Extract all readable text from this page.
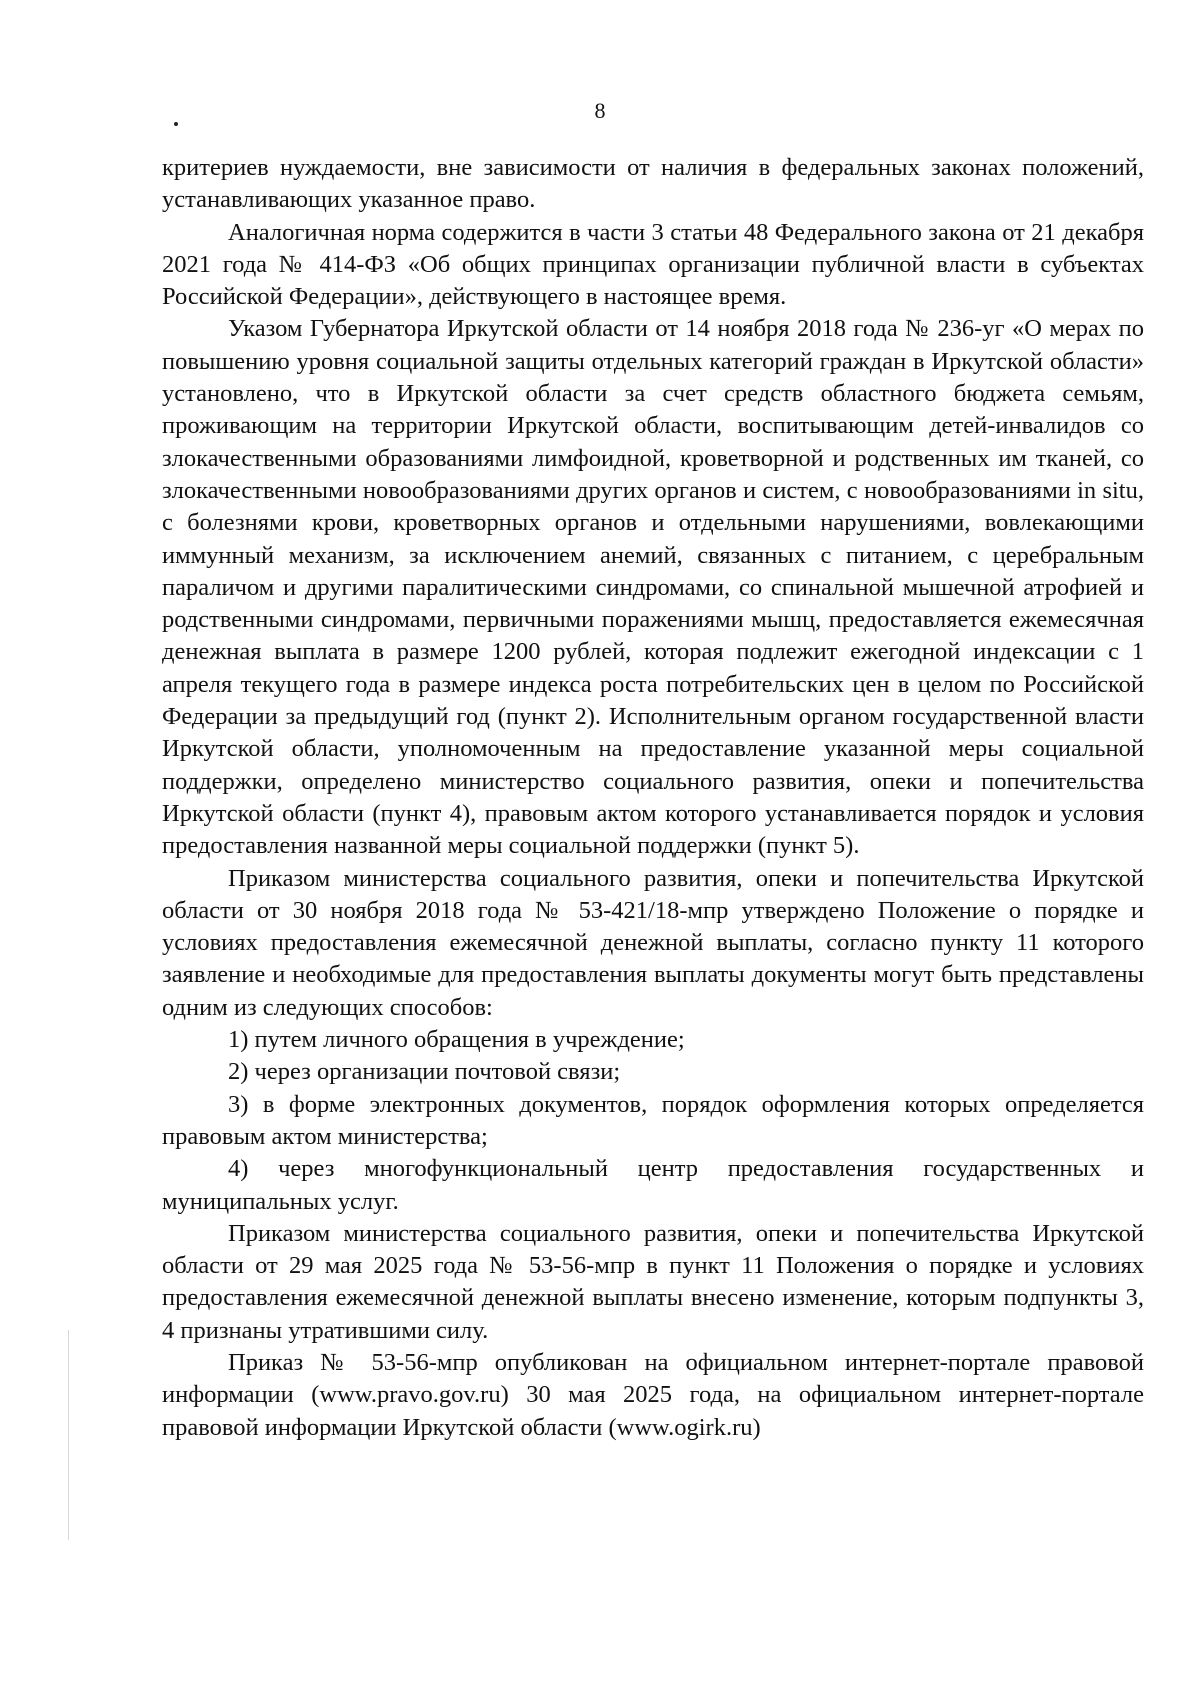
8

критериев нуждаемости, вне зависимости от наличия в федеральных законах положений, устанавливающих указанное право.

Аналогичная норма содержится в части 3 статьи 48 Федерального закона от 21 декабря 2021 года № 414-ФЗ «Об общих принципах организации публичной власти в субъектах Российской Федерации», действующего в настоящее время.

Указом Губернатора Иркутской области от 14 ноября 2018 года № 236-уг «О мерах по повышению уровня социальной защиты отдельных категорий граждан в Иркутской области» установлено, что в Иркутской области за счет средств областного бюджета семьям, проживающим на территории Иркутской области, воспитывающим детей-инвалидов со злокачественными образованиями лимфоидной, кроветворной и родственных им тканей, со злокачественными новообразованиями других органов и систем, с новообразованиями in situ, с болезнями крови, кроветворных органов и отдельными нарушениями, вовлекающими иммунный механизм, за исключением анемий, связанных с питанием, с церебральным параличом и другими паралитическими синдромами, со спинальной мышечной атрофией и родственными синдромами, первичными поражениями мышц, предоставляется ежемесячная денежная выплата в размере 1200 рублей, которая подлежит ежегодной индексации с 1 апреля текущего года в размере индекса роста потребительских цен в целом по Российской Федерации за предыдущий год (пункт 2). Исполнительным органом государственной власти Иркутской области, уполномоченным на предоставление указанной меры социальной поддержки, определено министерство социального развития, опеки и попечительства Иркутской области (пункт 4), правовым актом которого устанавливается порядок и условия предоставления названной меры социальной поддержки (пункт 5).

Приказом министерства социального развития, опеки и попечительства Иркутской области от 30 ноября 2018 года № 53-421/18-мпр утверждено Положение о порядке и условиях предоставления ежемесячной денежной выплаты, согласно пункту 11 которого заявление и необходимые для предоставления выплаты документы могут быть представлены одним из следующих способов:

1) путем личного обращения в учреждение;

2) через организации почтовой связи;

3) в форме электронных документов, порядок оформления которых определяется правовым актом министерства;

4) через многофункциональный центр предоставления государственных и муниципальных услуг.

Приказом министерства социального развития, опеки и попечительства Иркутской области от 29 мая 2025 года № 53-56-мпр в пункт 11 Положения о порядке и условиях предоставления ежемесячной денежной выплаты внесено изменение, которым подпункты 3, 4 признаны утратившими силу.

Приказ № 53-56-мпр опубликован на официальном интернет-портале правовой информации (www.pravo.gov.ru) 30 мая 2025 года, на официальном интернет-портале правовой информации Иркутской области (www.ogirk.ru)
